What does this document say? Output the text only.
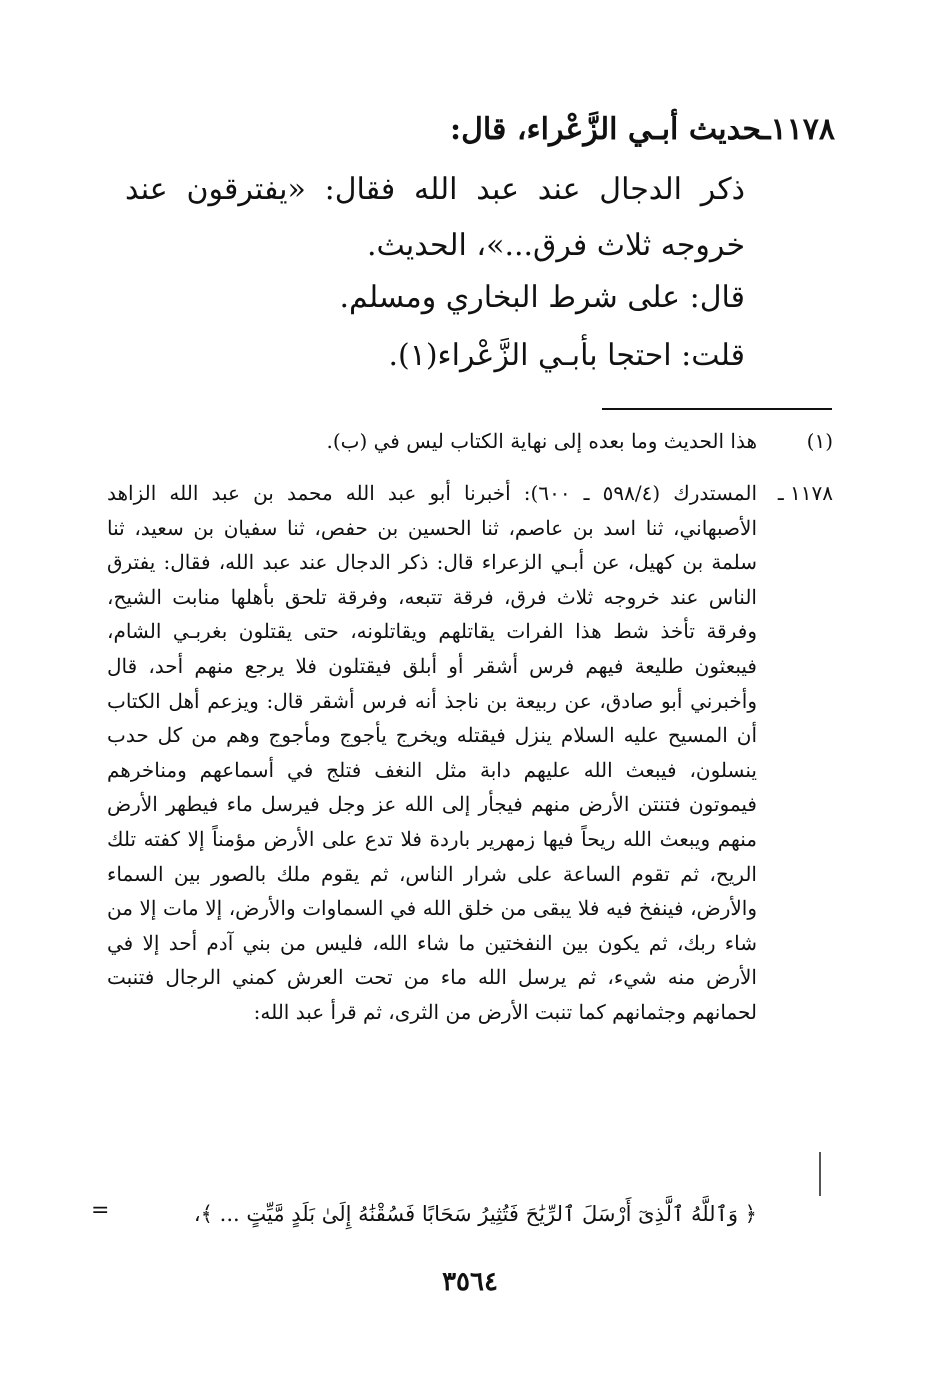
١١٧٨ـحديث أبـي الزَّعْراء، قال:
ذكر الدجال عند عبد الله فقال: «يفترقون عند خروجه ثلاث فرق...»، الحديث.
قال: على شرط البخاري ومسلم.
قلت: احتجا بأبـي الزَّعْراء(١).
(١)
هذا الحديث وما بعده إلى نهاية الكتاب ليس في (ب).
١١٧٨ ـ
المستدرك (٥٩٨/٤ ـ ٦٠٠): أخبرنا أبو عبد الله محمد بن عبد الله الزاهد الأصبهاني، ثنا اسد بن عاصم، ثنا الحسين بن حفص، ثنا سفيان بن سعيد، ثنا سلمة بن كهيل، عن أبـي الزعراء قال: ذكر الدجال عند عبد الله، فقال: يفترق الناس عند خروجه ثلاث فرق، فرقة تتبعه، وفرقة تلحق بأهلها منابت الشيح، وفرقة تأخذ شط هذا الفرات يقاتلهم ويقاتلونه، حتى يقتلون بغربـي الشام، فيبعثون طليعة فيهم فرس أشقر أو أبلق فيقتلون فلا يرجع منهم أحد، قال وأخبرني أبو صادق، عن ربيعة بن ناجذ أنه فرس أشقر قال: ويزعم أهل الكتاب أن المسيح عليه السلام ينزل فيقتله ويخرج يأجوج ومأجوج وهم من كل حدب ينسلون، فيبعث الله عليهم دابة مثل النغف فتلج في أسماعهم ومناخرهم فيموتون فتنتن الأرض منهم فيجأر إلى الله عز وجل فيرسل ماء فيطهر الأرض منهم ويبعث الله ريحاً فيها زمهرير باردة فلا تدع على الأرض مؤمناً إلا كفته تلك الريح، ثم تقوم الساعة على شرار الناس، ثم يقوم ملك بالصور بين السماء والأرض، فينفخ فيه فلا يبقى من خلق الله في السماوات والأرض، إلا مات إلا من شاء ربك، ثم يكون بين النفختين ما شاء الله، فليس من بني آدم أحد إلا في الأرض منه شيء، ثم يرسل الله ماء من تحت العرش كمني الرجال فتنبت لحمانهم وجثمانهم كما تنبت الأرض من الثرى، ثم قرأ عبد الله:
﴿ وَٱللَّهُ ٱلَّذِىٓ أَرْسَلَ ٱلرِّيَٰحَ فَتُثِيرُ سَحَابًا فَسُقْنَٰهُ إِلَىٰ بَلَدٍ مَّيِّتٍ ... ﴾،
=
٣٥٦٤
